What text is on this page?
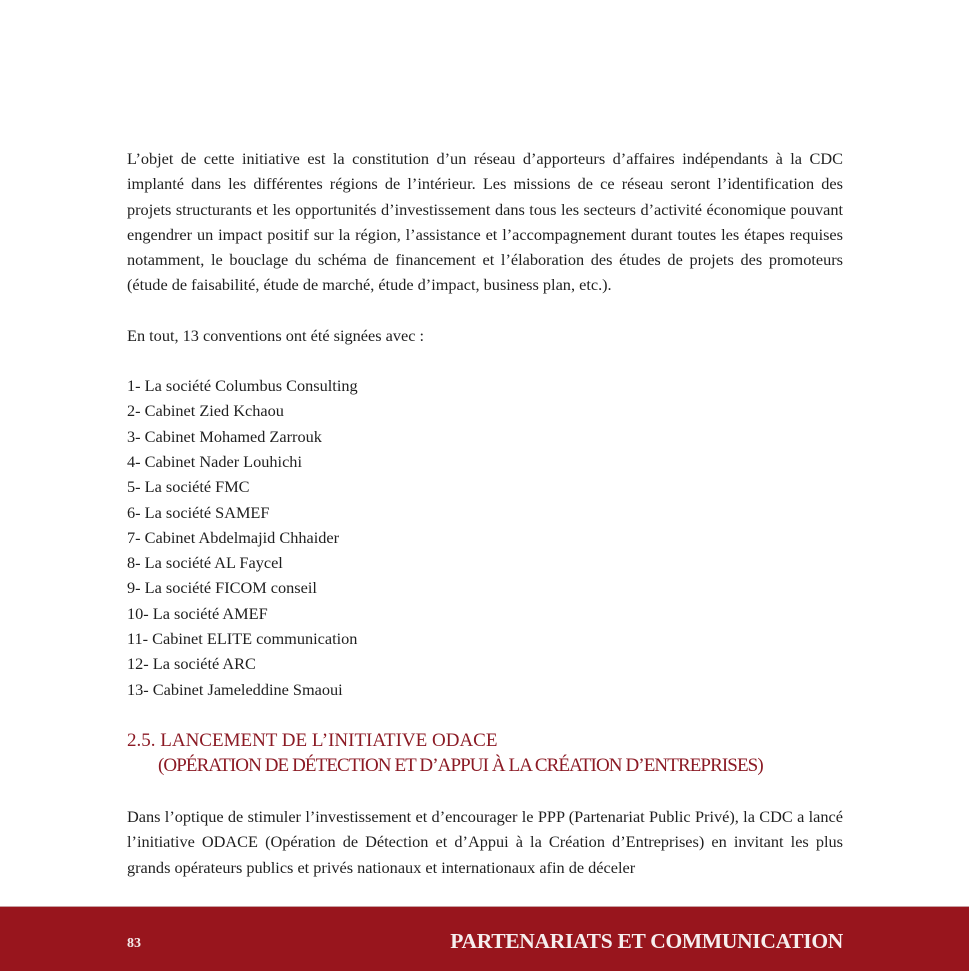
L’objet de cette initiative est la constitution d’un réseau d’apporteurs d’affaires indépendants à la CDC implanté dans les différentes régions de l’intérieur. Les missions de ce réseau seront l’identification des projets structurants et les opportunités d’investissement dans tous les secteurs d’activité économique pouvant engendrer un impact positif sur la région, l’assistance et l’accompagnement durant toutes les étapes requises notamment, le bouclage du schéma de financement et l’élaboration des études de projets des promoteurs (étude de faisabilité, étude de marché, étude d’impact, business plan, etc.).

En tout, 13 conventions ont été signées avec :

1- La société Columbus Consulting
2- Cabinet Zied Kchaou
3- Cabinet Mohamed Zarrouk
4- Cabinet Nader Louhichi
5- La société FMC
6- La société SAMEF
7- Cabinet Abdelmajid Chhaider
8- La société AL Faycel
9- La société FICOM conseil
10- La société AMEF
11- Cabinet ELITE communication
12- La société ARC
13- Cabinet Jameleddine Smaoui
2.5. LANCEMENT DE L’INITIATIVE ODACE
(OPÉRATION DE DÉTECTION ET D’APPUI À LA CRÉATION D’ENTREPRISES)

Dans l’optique de stimuler l’investissement et d’encourager le PPP (Partenariat Public Privé), la CDC a lancé l’initiative ODACE (Opération de Détection et d’Appui à la Création d’Entreprises) en invitant les plus grands opérateurs publics et privés nationaux et internationaux afin de déceler

83	PARTENARIATS ET COMMUNICATION
